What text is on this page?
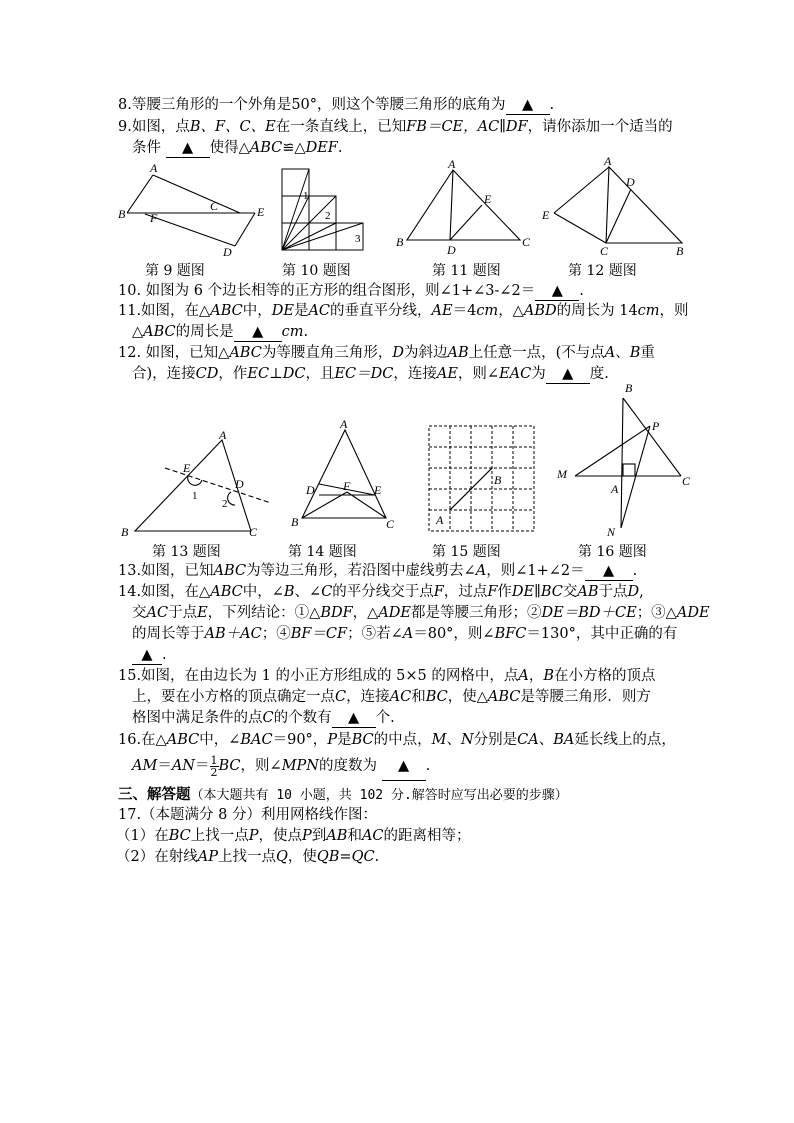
8.等腰三角形的一个外角是50°，则这个等腰三角形的底角为 ▲ .
9.如图，点B、F、C、E在一条直线上，已知FB＝CE，AC∥DF，请你添加一个适当的
条件 ▲ 使得△ABC≌△DEF.
A
B F
C	E
D
1
2
3
A
E
B
D
C
A
D
E
C	B
第 9 题图	第 10 题图	第 11 题图	第 12 题图
10. 如图为 6 个边长相等的正方形的组合图形，则∠1+∠3-∠2＝ ▲ .
11.如图，在△ABC中，DE是AC的垂直平分线，AE＝4cm，△ABD的周长为 14cm，则
△ABC的周长是 ▲ cm.
12. 如图，已知△ABC为等腰直角三角形，D为斜边AB上任意一点，(不与点A、B重
合)，连接CD，作EC⊥DC，且EC＝DC，连接AE，则∠EAC为 ▲ 度.
A
E
D
1
2
B	C
A
D F E
B	C	A
B
B
P
M
A
C
N
第 13 题图	第 14 题图	第 15 题图	第 16 题图
13.如图，已知ABC为等边三角形，若沿图中虚线剪去∠A，则∠1+∠2＝ ▲ .
14.如图，在△ABC中，∠B、∠C的平分线交于点F，过点F作DE∥BC交AB于点D,
交AC于点E，下列结论：①△BDF，△ADE都是等腰三角形；②DE＝BD＋CE；③△ADE
的周长等于AB＋AC；④BF＝CF；⑤若∠A＝80°，则∠BFC＝130°，其中正确的有
▲ .
15.如图，在由边长为 1 的小正方形组成的 5×5 的网格中，点A，B在小方格的顶点
上，要在小方格的顶点确定一点C，连接AC和BC，使△ABC是等腰三角形．则方
格图中满足条件的点C的个数有 ▲ 个.
16.在△ABC中，∠BAC＝90°，P是BC的中点，M、N分别是CA、BA延长线上的点，
$AM=AN= \frac{1}{2}$ BC，则∠MPN的度数为 ▲ .
三、解答题（本大题共有 10 小题，共 102 分.解答时应写出必要的步骤）
17.（本题满分 8 分）利用网格线作图：
（1）在BC上找一点P，使点P到AB和AC的距离相等；
（2）在射线AP上找一点Q，使QB=QC.
